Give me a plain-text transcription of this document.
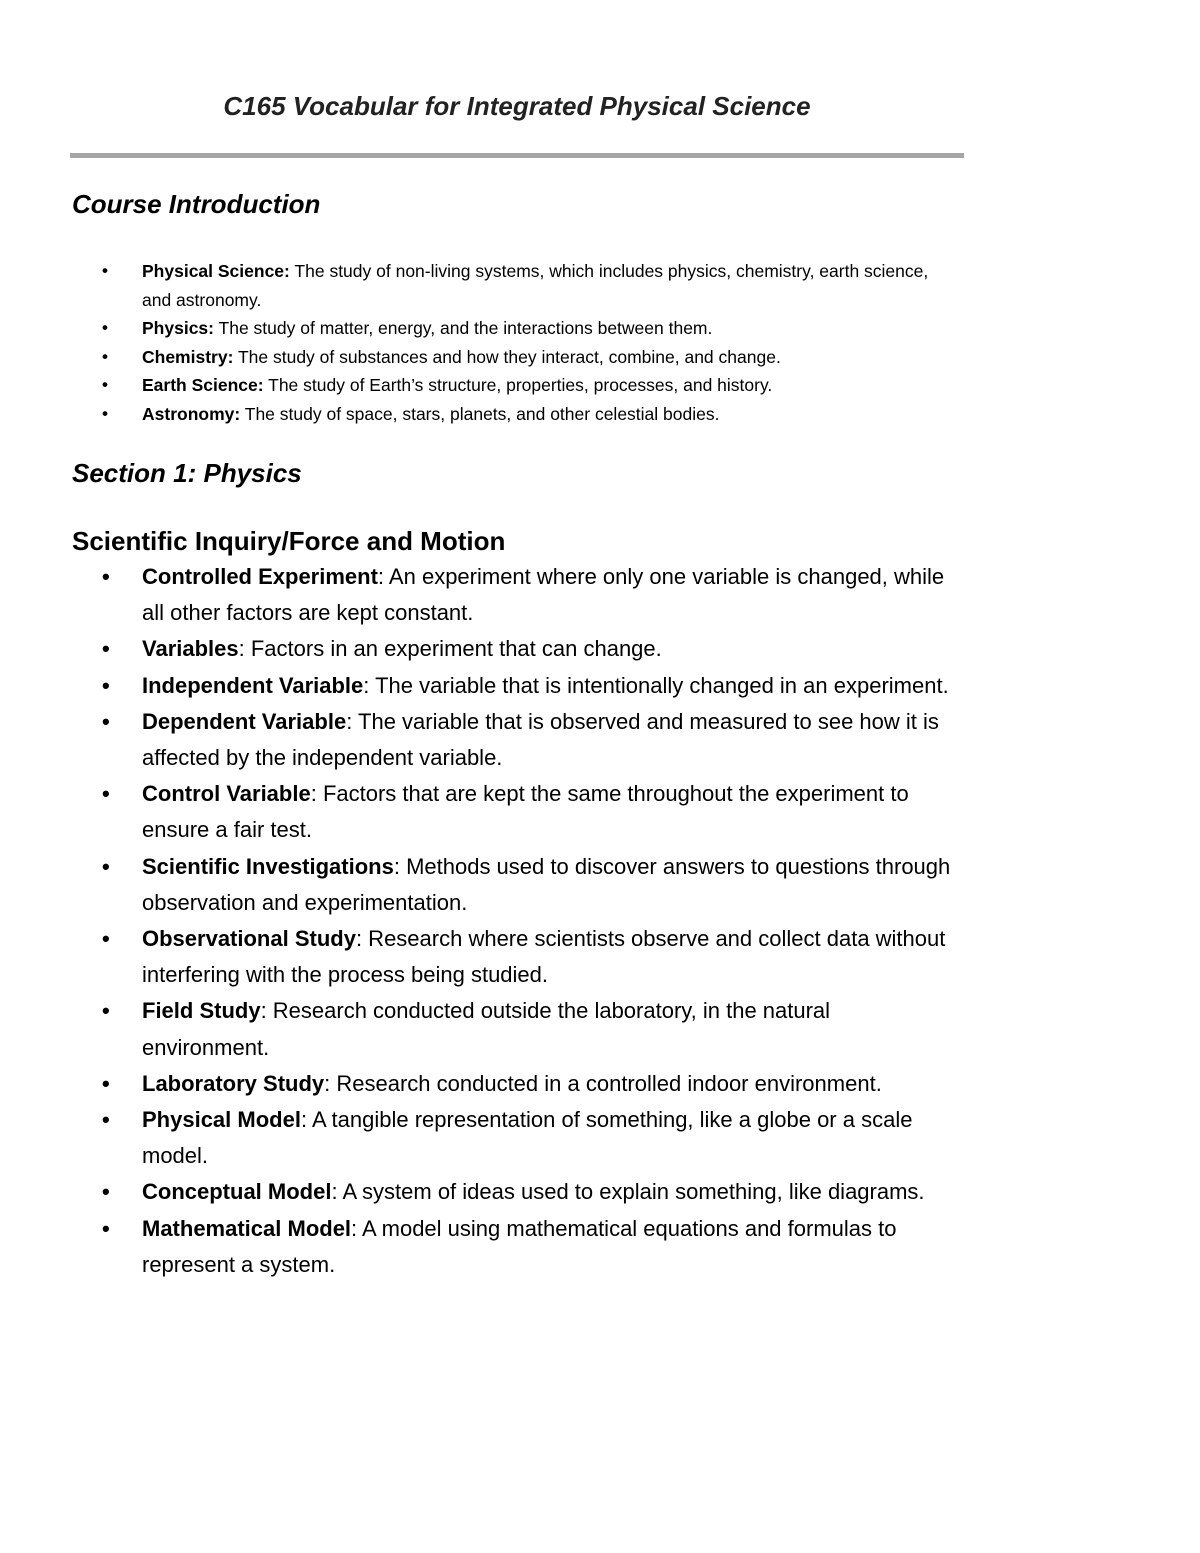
C165 Vocabular for Integrated Physical Science
Course Introduction
• Physical Science: The study of non-living systems, which includes physics, chemistry, earth science, and astronomy.
• Physics: The study of matter, energy, and the interactions between them.
• Chemistry: The study of substances and how they interact, combine, and change.
• Earth Science: The study of Earth’s structure, properties, processes, and history.
• Astronomy: The study of space, stars, planets, and other celestial bodies.
Section 1: Physics
Scientific Inquiry/Force and Motion
• Controlled Experiment: An experiment where only one variable is changed, while all other factors are kept constant.
• Variables: Factors in an experiment that can change.
• Independent Variable: The variable that is intentionally changed in an experiment.
• Dependent Variable: The variable that is observed and measured to see how it is affected by the independent variable.
• Control Variable: Factors that are kept the same throughout the experiment to ensure a fair test.
• Scientific Investigations: Methods used to discover answers to questions through observation and experimentation.
• Observational Study: Research where scientists observe and collect data without interfering with the process being studied.
• Field Study: Research conducted outside the laboratory, in the natural environment.
• Laboratory Study: Research conducted in a controlled indoor environment.
• Physical Model: A tangible representation of something, like a globe or a scale model.
• Conceptual Model: A system of ideas used to explain something, like diagrams.
• Mathematical Model: A model using mathematical equations and formulas to represent a system.
